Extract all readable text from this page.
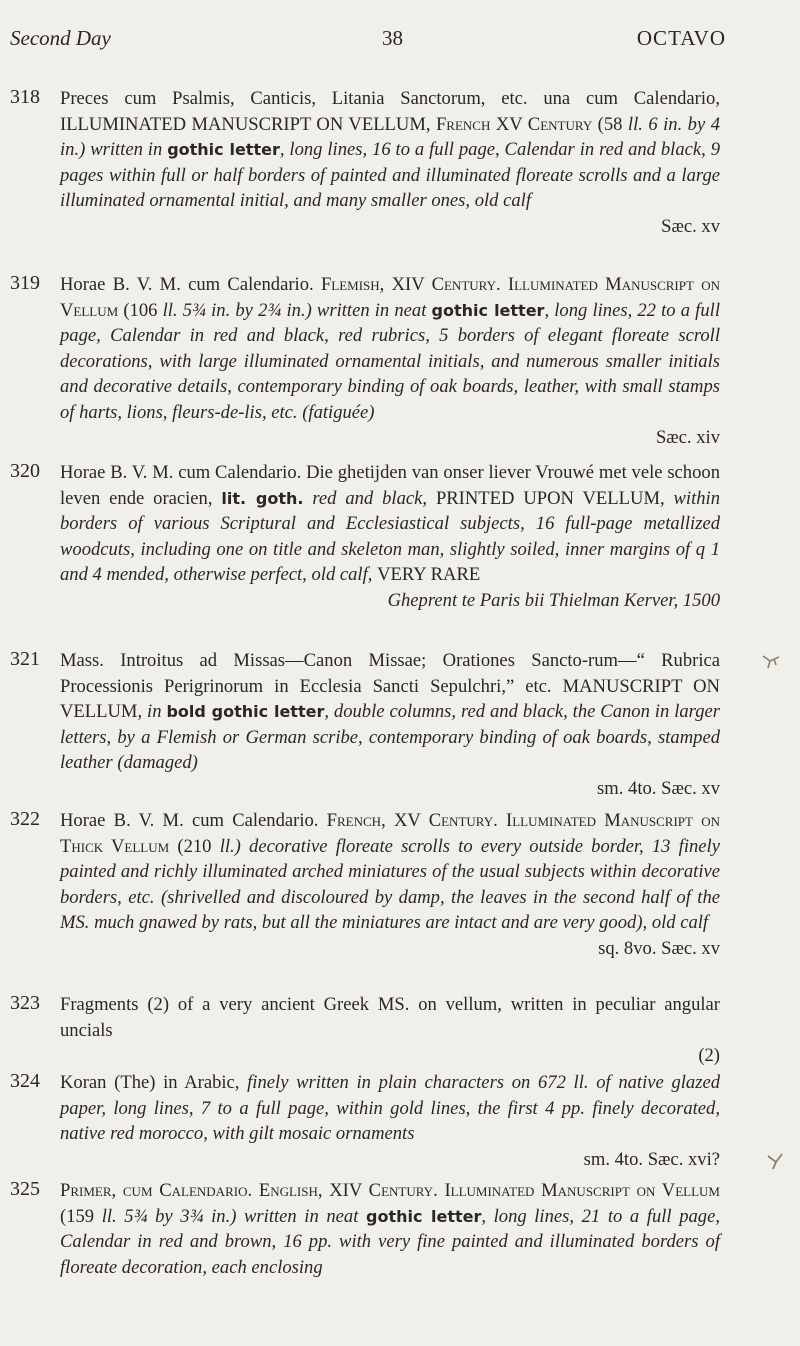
Second Day	38	OCTAVO
318	Preces cum Psalmis, Canticis, Litania Sanctorum, etc. una cum Calendario, ILLUMINATED MANUSCRIPT ON VELLUM, French XV Century (58 ll. 6 in. by 4 in.) written in gothic letter, long lines, 16 to a full page, Calendar in red and black, 9 pages within full or half borders of painted and illuminated floreate scrolls and a large illuminated ornamental initial, and many smaller ones, old calf

Sæc. xv
319	Horae B. V. M. cum Calendario. Flemish, XIV Century. Illuminated Manuscript on Vellum (106 ll. 5¾ in. by 2¾ in.) written in neat gothic letter, long lines, 22 to a full page, Calendar in red and black, red rubrics, 5 borders of elegant floreate scroll decorations, with large illuminated ornamental initials, and numerous smaller initials and decorative details, contemporary binding of oak boards, leather, with small stamps of harts, lions, fleurs-de-lis, etc. (fatiguée)

Sæc. xiv
320	Horae B. V. M. cum Calendario. Die ghetijden van onser liever Vrouwé met vele schoon leven ende oracien, lit. goth. red and black, PRINTED UPON VELLUM, within borders of various Scriptural and Ecclesiastical subjects, 16 full-page metallized woodcuts, including one on title and skeleton man, slightly soiled, inner margins of q 1 and 4 mended, otherwise perfect, old calf, VERY RARE

Gheprent te Paris bii Thielman Kerver, 1500
321	Mass. Introitus ad Missas—Canon Missae; Orationes Sancto-rum—“ Rubrica Processionis Perigrinorum in Ecclesia Sancti Sepulchri,” etc. MANUSCRIPT ON VELLUM, in bold gothic letter, double columns, red and black, the Canon in larger letters, by a Flemish or German scribe, contemporary binding of oak boards, stamped leather (damaged)

sm. 4to. Sæc. xv
322	Horae B. V. M. cum Calendario. French, XV Century. Illuminated Manuscript on Thick Vellum (210 ll.) decorative floreate scrolls to every outside border, 13 finely painted and richly illuminated arched miniatures of the usual subjects within decorative borders, etc. (shrivelled and discoloured by damp, the leaves in the second half of the MS. much gnawed by rats, but all the miniatures are intact and are very good), old calf

sq. 8vo. Sæc. xv
323	Fragments (2) of a very ancient Greek MS. on vellum, written in peculiar angular uncials

(2)
324	Koran (The) in Arabic, finely written in plain characters on 672 ll. of native glazed paper, long lines, 7 to a full page, within gold lines, the first 4 pp. finely decorated, native red morocco, with gilt mosaic ornaments

sm. 4to. Sæc. xvi?
325	Primer, cum Calendario. English, XIV Century. Illuminated Manuscript on Vellum (159 ll. 5¾ by 3¾ in.) written in neat gothic letter, long lines, 21 to a full page, Calendar in red and brown, 16 pp. with very fine painted and illuminated borders of floreate decoration, each enclosing
